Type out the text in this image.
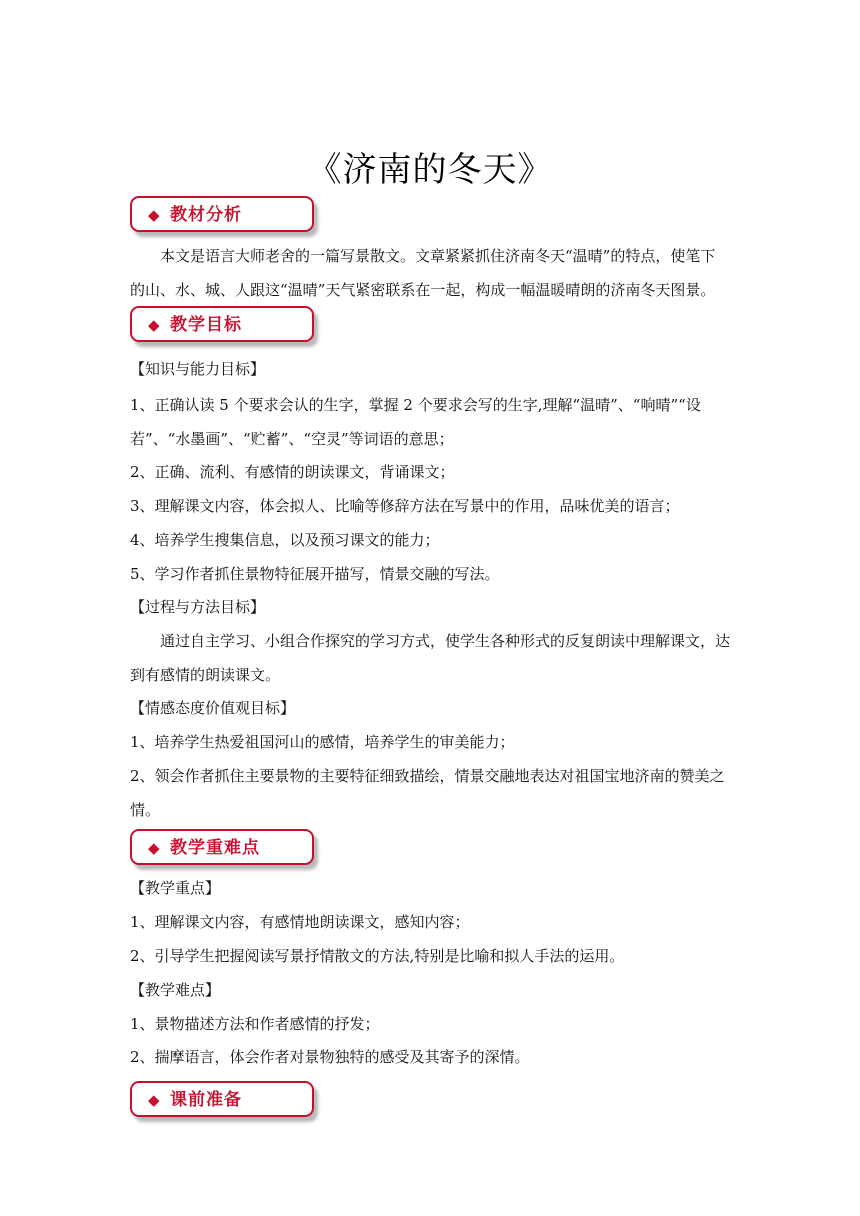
《济南的冬天》
◆ 教材分析
本文是语言大师老舍的一篇写景散文。文章紧紧抓住济南冬天“温晴”的特点，使笔下
的山、水、城、人跟这“温晴”天气紧密联系在一起，构成一幅温暖晴朗的济南冬天图景。
◆ 教学目标
【知识与能力目标】
1、正确认读 5 个要求会认的生字，掌握 2 个要求会写的生字,理解“温晴”、“响晴”“设
若”、“水墨画”、“贮蓄”、“空灵”等词语的意思；
2、正确、流利、有感情的朗读课文，背诵课文；
3、理解课文内容，体会拟人、比喻等修辞方法在写景中的作用，品味优美的语言；
4、培养学生搜集信息，以及预习课文的能力；
5、学习作者抓住景物特征展开描写，情景交融的写法。
【过程与方法目标】
通过自主学习、小组合作探究的学习方式，使学生各种形式的反复朗读中理解课文，达
到有感情的朗读课文。
【情感态度价值观目标】
1、培养学生热爱祖国河山的感情，培养学生的审美能力；
2、领会作者抓住主要景物的主要特征细致描绘，情景交融地表达对祖国宝地济南的赞美之
情。
◆ 教学重难点
【教学重点】
1、理解课文内容，有感情地朗读课文，感知内容；
2、引导学生把握阅读写景抒情散文的方法,特别是比喻和拟人手法的运用。
【教学难点】
1、景物描述方法和作者感情的抒发；
2、揣摩语言，体会作者对景物独特的感受及其寄予的深情。
◆ 课前准备
